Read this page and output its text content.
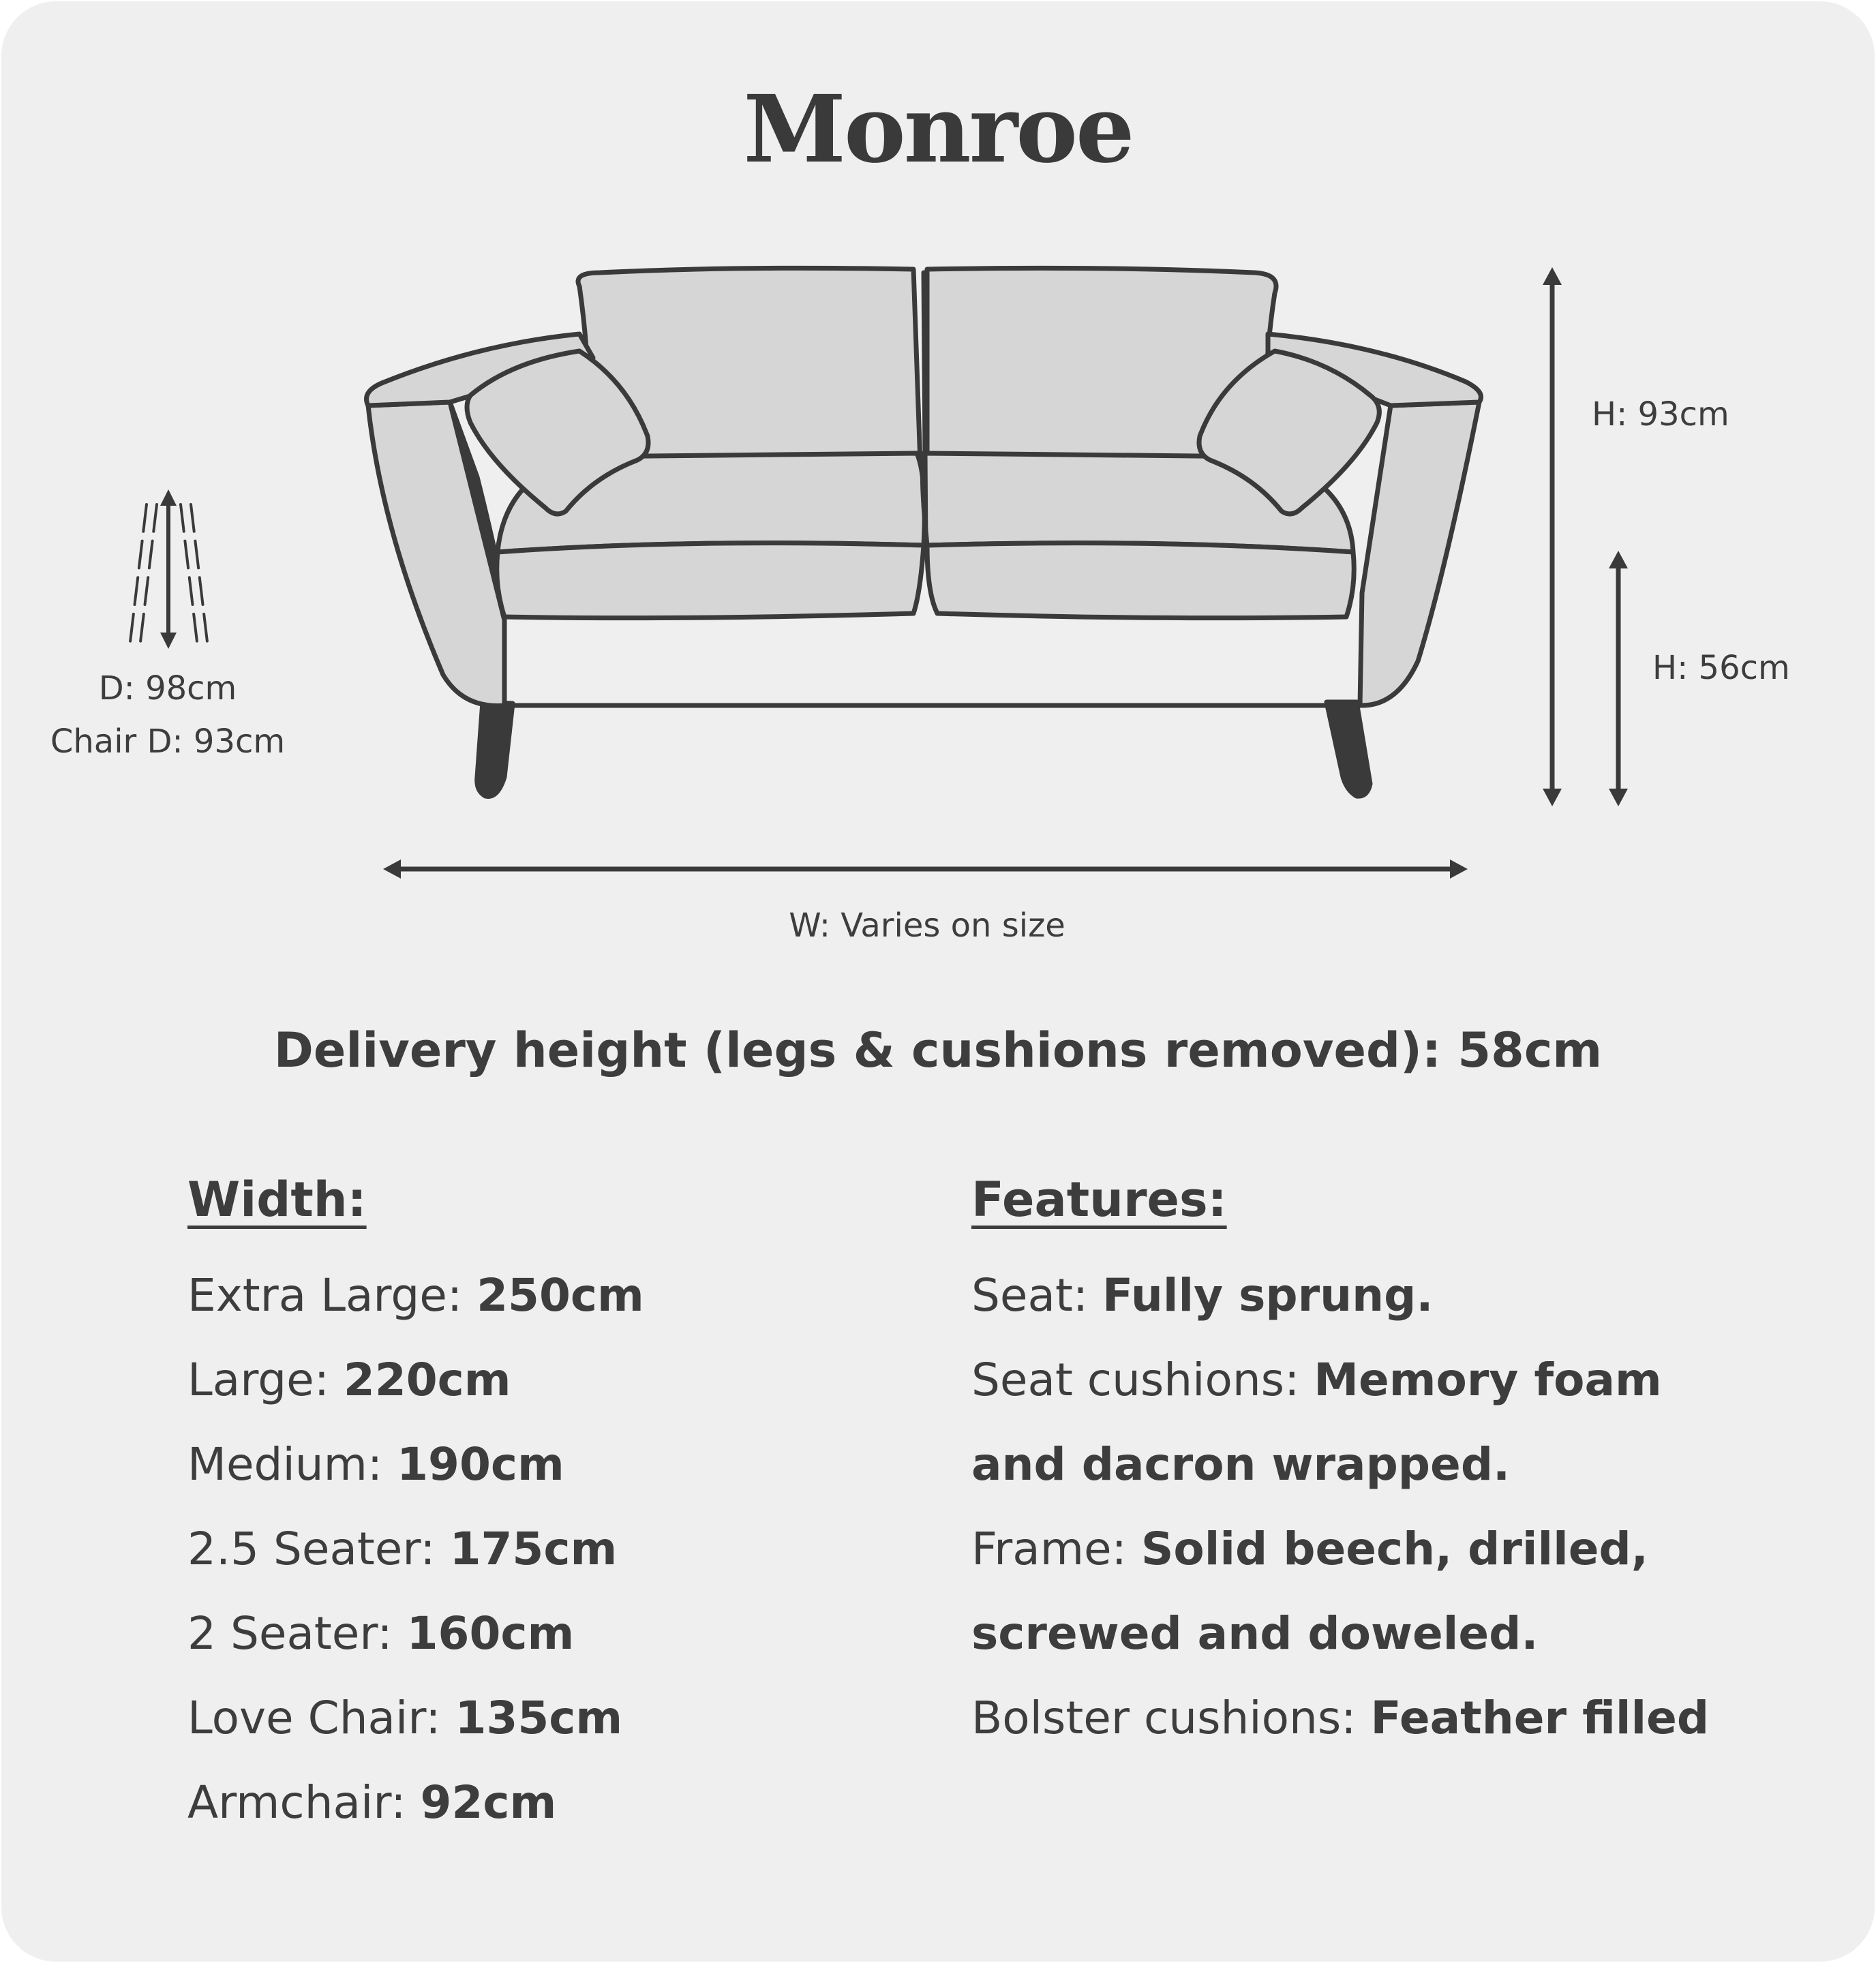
Monroe
H: 93cm
H: 56cm
D: 98cm
Chair D: 93cm
W: Varies on size
Delivery height (legs & cushions removed): 58cm
Width:
Extra Large: 250cm
Large: 220cm
Medium: 190cm
2.5 Seater: 175cm
2 Seater: 160cm
Love Chair: 135cm
Armchair: 92cm
Features:
Seat: Fully sprung.
Seat cushions: Memory foam
and dacron wrapped.
Frame: Solid beech, drilled,
screwed and doweled.
Bolster cushions: Feather filled
